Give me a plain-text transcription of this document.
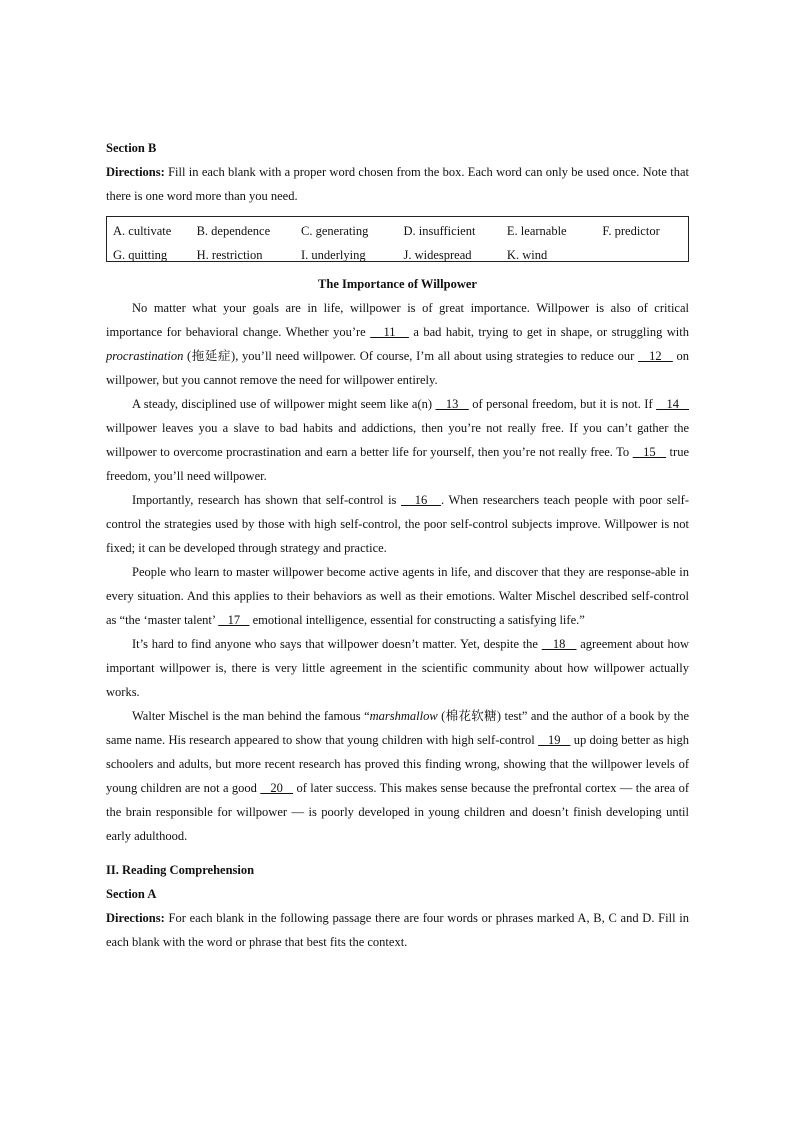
Section B

Directions: Fill in each blank with a proper word chosen from the box. Each word can only be used once. Note that there is one word more than you need.

A. cultivate	B. dependence	C. generating	D. insufficient	E. learnable	F. predictor
G. quitting	H. restriction	I. underlying	J. widespread	K. wind

The Importance of Willpower

No matter what your goals are in life, willpower is of great importance. Willpower is also of critical importance for behavioral change. Whether you’re    11    a bad habit, trying to get in shape, or struggling with procrastination (拖延症), you’ll need willpower. Of course, I’m all about using strategies to reduce our    12    on willpower, but you cannot remove the need for willpower entirely.

A steady, disciplined use of willpower might seem like a(n)    13    of personal freedom, but it is not. If    14    willpower leaves you a slave to bad habits and addictions, then you’re not really free. If you can’t gather the willpower to overcome procrastination and earn a better life for yourself, then you’re not really free. To    15    true freedom, you’ll need willpower.

Importantly, research has shown that self-control is    16   . When researchers teach people with poor self-control the strategies used by those with high self-control, the poor self-control subjects improve. Willpower is not fixed; it can be developed through strategy and practice.

People who learn to master willpower become active agents in life, and discover that they are response-able in every situation. And this applies to their behaviors as well as their emotions. Walter Mischel described self-control as “the ‘master talent’    17    emotional intelligence, essential for constructing a satisfying life.”

It’s hard to find anyone who says that willpower doesn’t matter. Yet, despite the    18    agreement about how important willpower is, there is very little agreement in the scientific community about how willpower actually works.

Walter Mischel is the man behind the famous “marshmallow (棉花软糖) test” and the author of a book by the same name. His research appeared to show that young children with high self-control    19    up doing better as high schoolers and adults, but more recent research has proved this finding wrong, showing that the willpower levels of young children are not a good    20    of later success. This makes sense because the prefrontal cortex — the area of the brain responsible for willpower — is poorly developed in young children and doesn’t finish developing until early adulthood.

II. Reading Comprehension

Section A

Directions: For each blank in the following passage there are four words or phrases marked A, B, C and D. Fill in each blank with the word or phrase that best fits the context.
